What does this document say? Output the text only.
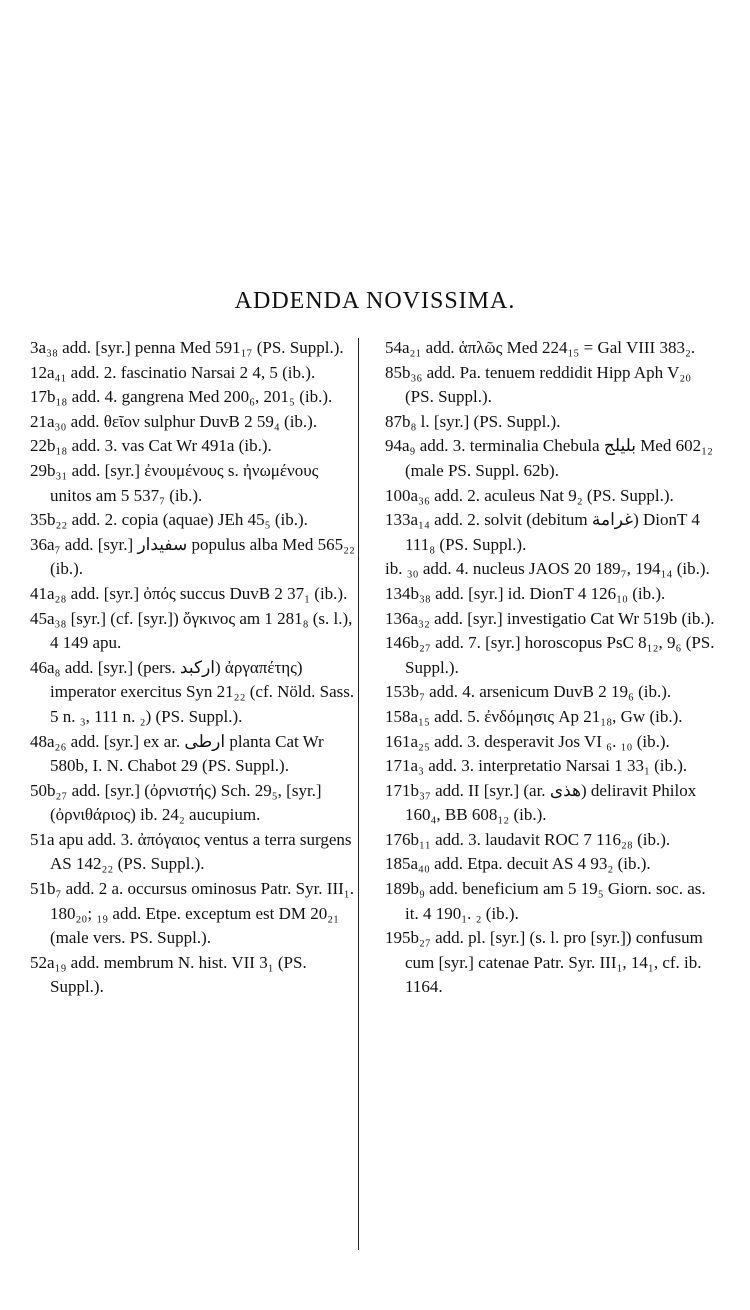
ADDENDA NOVISSIMA.

3a₃₈ add. [syr.] penna Med 591₁₇ (PS. Suppl.).

12a₄₁ add. 2. fascinatio Narsai 2 4, 5 (ib.).

17b₁₈ add. 4. gangrena Med 200₆, 201₅ (ib.).

21a₃₀ add. θεῖον sulphur DuvB 2 59₄ (ib.).

22b₁₈ add. 3. vas Cat Wr 491a (ib.).

29b₃₁ add. [syr.] ἐνουμένους s. ἠνωμένους unitos am 5 537₇ (ib.).

35b₂₂ add. 2. copia (aquae) JEh 45₅ (ib.).

36a₇ add. [syr.] سفيدار populus alba Med 565₂₂ (ib.).

41a₂₈ add. [syr.] ὀπός succus DuvB 2 37₁ (ib.).

45a₃₈ [syr.] (cf. [syr.]) ὄγκινος am 1 281₈ (s. l.), 4 149 apu.

46a₈ add. [syr.] (pers. ارکبد) ἀργαπέτης) imperator exercitus Syn 21₂₂ (cf. Nöld. Sass. 5 n. ₃, 111 n. ₂) (PS. Suppl.).

48a₂₆ add. [syr.] ex ar. ارطى planta Cat Wr 580b, I. N. Chabot 29 (PS. Suppl.).

50b₂₇ add. [syr.] (ὀρνιστής) Sch. 29₅, [syr.] (ὀρνιθάριος) ib. 24₂ aucupium.

51a apu add. 3. ἀπόγαιος ventus a terra surgens AS 142₂₂ (PS. Suppl.).

51b₇ add. 2 a. occursus ominosus Patr. Syr. III₁. 180₂₀; ₁₉ add. Etpe. exceptum est DM 20₂₁ (male vers. PS. Suppl.).

52a₁₉ add. membrum N. hist. VII 3₁ (PS. Suppl.).

54a₂₁ add. ἁπλῶς Med 224₁₅ = Gal VIII 383₂.

85b₃₆ add. Pa. tenuem reddidit Hipp Aph V₂₀ (PS. Suppl.).

87b₈ l. [syr.] (PS. Suppl.).

94a₉ add. 3. terminalia Chebula بليلج Med 602₁₂ (male PS. Suppl. 62b).

100a₃₆ add. 2. aculeus Nat 9₂ (PS. Suppl.).

133a₁₄ add. 2. solvit (debitum غرامة) DionT 4 111₈ (PS. Suppl.).

ib. ₃₀ add. 4. nucleus JAOS 20 189₇, 194₁₄ (ib.).

134b₃₈ add. [syr.] id. DionT 4 126₁₀ (ib.).

136a₃₂ add. [syr.] investigatio Cat Wr 519b (ib.).

146b₂₇ add. 7. [syr.] horoscopus PsC 8₁₂, 9₆ (PS. Suppl.).

153b₇ add. 4. arsenicum DuvB 2 19₆ (ib.).

158a₁₅ add. 5. ἐνδόμησις Ap 21₁₈, Gw (ib.).

161a₂₅ add. 3. desperavit Jos VI ₆. ₁₀ (ib.).

171a₃ add. 3. interpretatio Narsai 1 33₁ (ib.).

171b₃₇ add. II [syr.] (ar. هذى) deliravit Philox 160₄, BB 608₁₂ (ib.).

176b₁₁ add. 3. laudavit ROC 7 116₂₈ (ib.).

185a₄₀ add. Etpa. decuit AS 4 93₂ (ib.).

189b₉ add. beneficium am 5 19₅ Giorn. soc. as. it. 4 190₁. ₂ (ib.).

195b₂₇ add. pl. [syr.] (s. l. pro [syr.]) confusum cum [syr.] catenae Patr. Syr. III₁, 14₁, cf. ib. 1164.
